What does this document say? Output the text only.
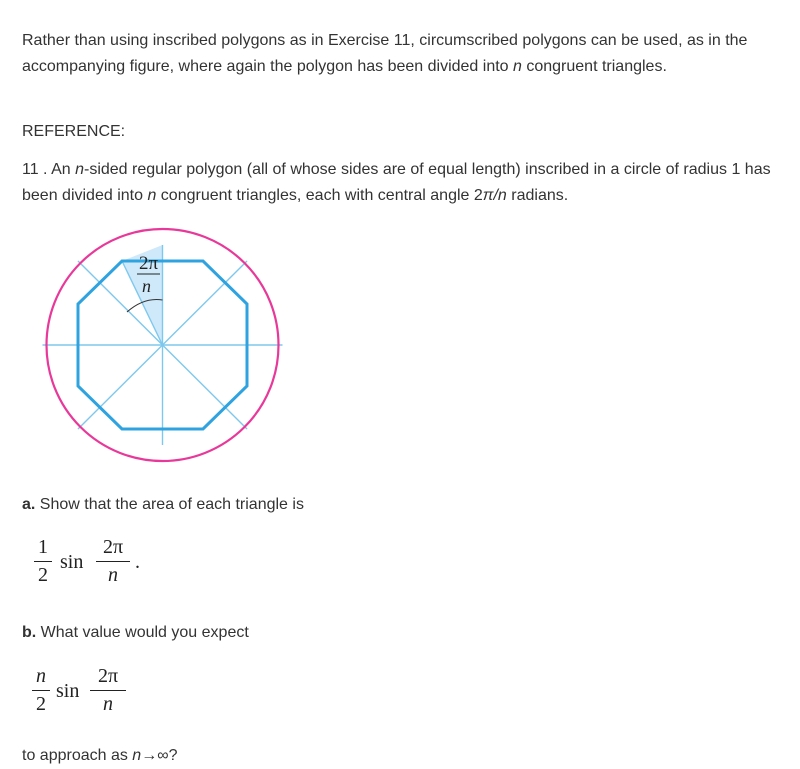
Rather than using inscribed polygons as in Exercise 11, circumscribed polygons can be used, as in the accompanying figure, where again the polygon has been divided into n congruent triangles.

REFERENCE:

11 . An n-sided regular polygon (all of whose sides are of equal length) inscribed in a circle of radius 1 has been divided into n congruent triangles, each with central angle 2π/n radians.

2π
n

a. Show that the area of each triangle is

1
2
sin
2π
n
.

b. What value would you expect

n
2
sin
2π
n

to approach as n→∞?
